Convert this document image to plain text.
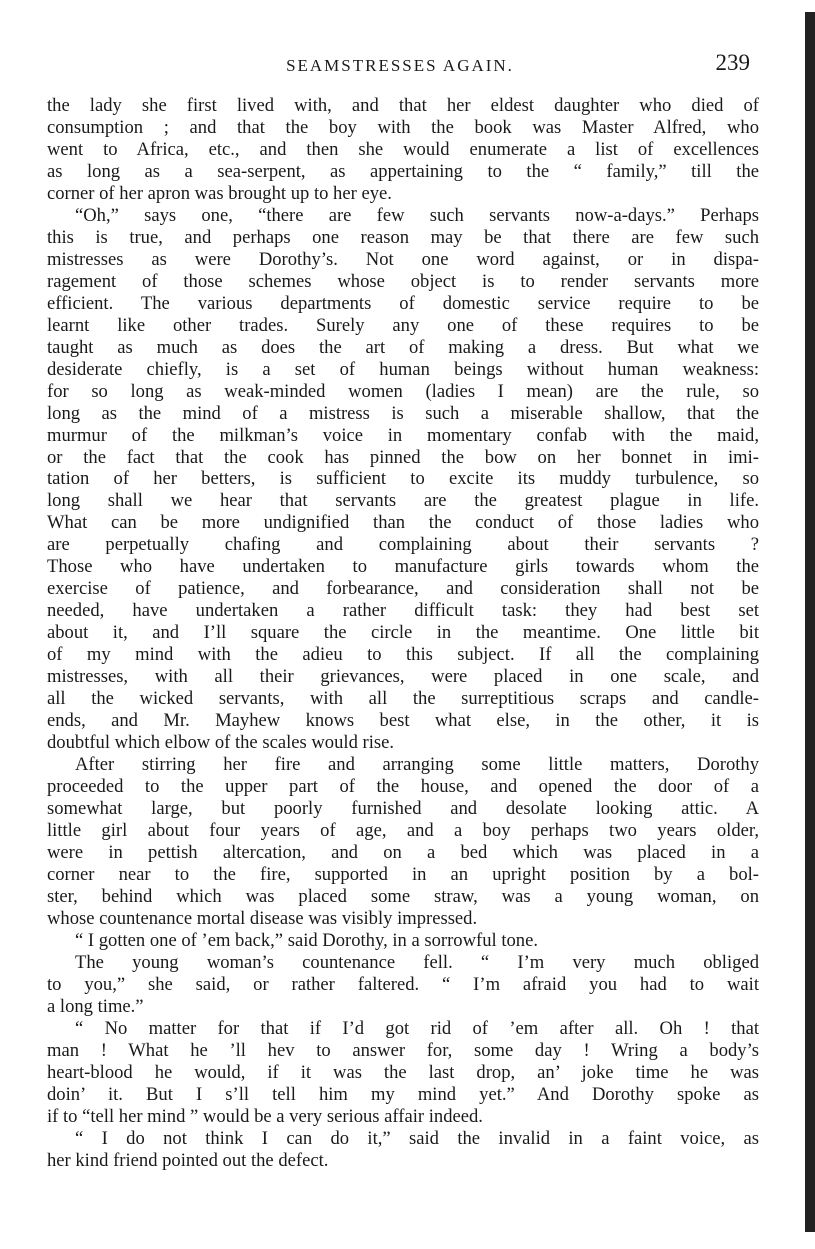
SEAMSTRESSES AGAIN.	239
the lady she first lived with, and that her eldest daughter who died of
consumption ; and that the boy with the book was Master Alfred, who
went to Africa, etc., and then she would enumerate a list of excellences
as long as a sea-serpent, as appertaining to the “ family,” till the
corner of her apron was brought up to her eye.
“Oh,” says one, “there are few such servants now-a-days.” Perhaps
this is true, and perhaps one reason may be that there are few such
mistresses as were Dorothy’s. Not one word against, or in dispa-
ragement of those schemes whose object is to render servants more
efficient. The various departments of domestic service require to be
learnt like other trades. Surely any one of these requires to be
taught as much as does the art of making a dress. But what we
desiderate chiefly, is a set of human beings without human weakness:
for so long as weak-minded women (ladies I mean) are the rule, so
long as the mind of a mistress is such a miserable shallow, that the
murmur of the milkman’s voice in momentary confab with the maid,
or the fact that the cook has pinned the bow on her bonnet in imi-
tation of her betters, is sufficient to excite its muddy turbulence, so
long shall we hear that servants are the greatest plague in life.
What can be more undignified than the conduct of those ladies who
are perpetually chafing and complaining about their servants ?
Those who have undertaken to manufacture girls towards whom the
exercise of patience, and forbearance, and consideration shall not be
needed, have undertaken a rather difficult task: they had best set
about it, and I’ll square the circle in the meantime. One little bit
of my mind with the adieu to this subject. If all the complaining
mistresses, with all their grievances, were placed in one scale, and
all the wicked servants, with all the surreptitious scraps and candle-
ends, and Mr. Mayhew knows best what else, in the other, it is
doubtful which elbow of the scales would rise.
After stirring her fire and arranging some little matters, Dorothy
proceeded to the upper part of the house, and opened the door of a
somewhat large, but poorly furnished and desolate looking attic. A
little girl about four years of age, and a boy perhaps two years older,
were in pettish altercation, and on a bed which was placed in a
corner near to the fire, supported in an upright position by a bol-
ster, behind which was placed some straw, was a young woman, on
whose countenance mortal disease was visibly impressed.
“ I gotten one of ’em back,” said Dorothy, in a sorrowful tone.
The young woman’s countenance fell. “ I’m very much obliged
to you,” she said, or rather faltered. “ I’m afraid you had to wait
a long time.”
“ No matter for that if I’d got rid of ’em after all. Oh ! that
man ! What he ’ll hev to answer for, some day ! Wring a body’s
heart-blood he would, if it was the last drop, an’ joke time he was
doin’ it. But I s’ll tell him my mind yet.” And Dorothy spoke as
if to “tell her mind ” would be a very serious affair indeed.
“ I do not think I can do it,” said the invalid in a faint voice, as
her kind friend pointed out the defect.
